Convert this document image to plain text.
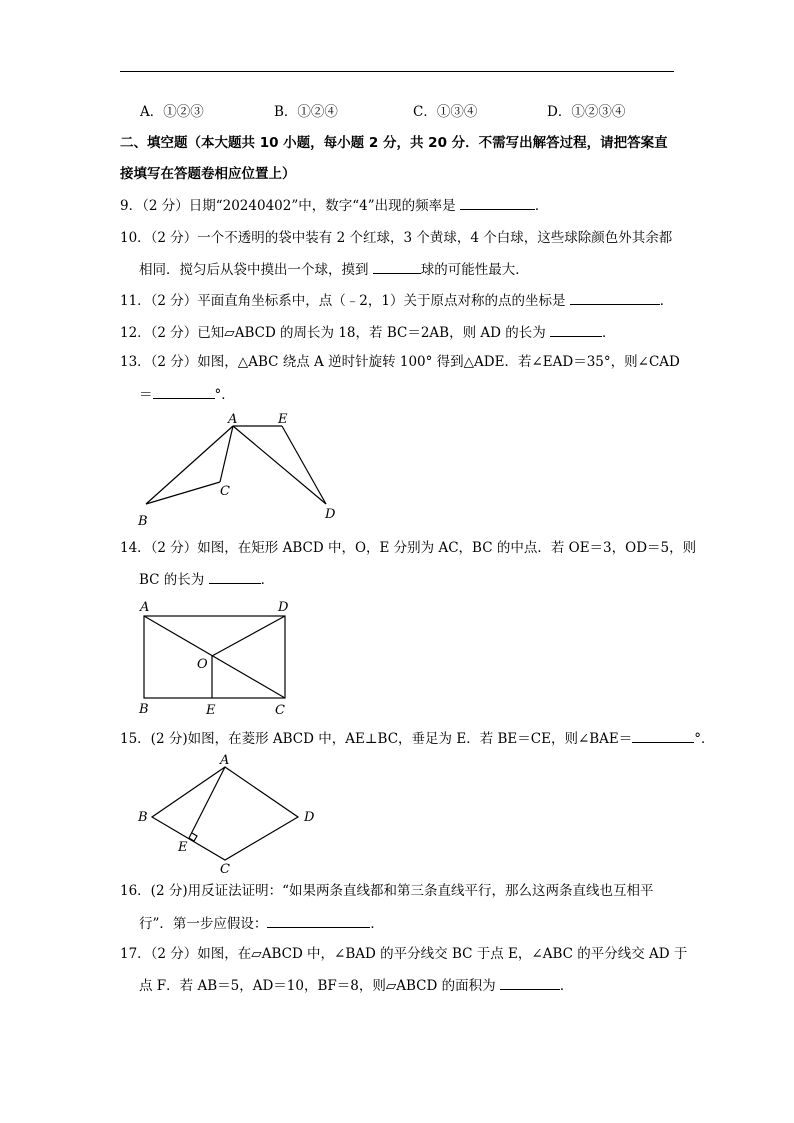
A．①②③	B．①②④	C．①③④	D．①②③④
二、填空题（本大题共 10 小题，每小题 2 分，共 20 分．不需写出解答过程，请把答案直
接填写在答题卷相应位置上）
9．（2 分）日期“20240402”中，数字“4”出现的频率是	．
10．（2 分）一个不透明的袋中装有 2 个红球，3 个黄球，4 个白球，这些球除颜色外其余都
相同．搅匀后从袋中摸出一个球，摸到	球的可能性最大．
11．（2 分）平面直角坐标系中，点（﹣2，1）关于原点对称的点的坐标是	．
12．（2 分）已知▱ABCD 的周长为 18，若 BC＝2AB，则 AD 的长为	．
13．（2 分）如图，△ABC 绕点 A 逆时针旋转 100° 得到△ADE．若∠EAD＝35°，则∠CAD
＝	°．
A	E
C
B	D
14．（2 分）如图，在矩形 ABCD 中，O，E 分别为 AC，BC 的中点．若 OE＝3，OD＝5，则
BC 的长为	．
A	D
O
B	E	C
15．(2 分)如图，在菱形 ABCD 中，AE⊥BC，垂足为 E．若 BE＝CE，则∠BAE＝	°．
A
B	D
E
C
16．(2 分)用反证法证明：“如果两条直线都和第三条直线平行，那么这两条直线也互相平
行”．第一步应假设：	．
17．（2 分）如图，在▱ABCD 中，∠BAD 的平分线交 BC 于点 E，∠ABC 的平分线交 AD 于
点 F．若 AB＝5，AD＝10，BF＝8，则▱ABCD 的面积为	．
